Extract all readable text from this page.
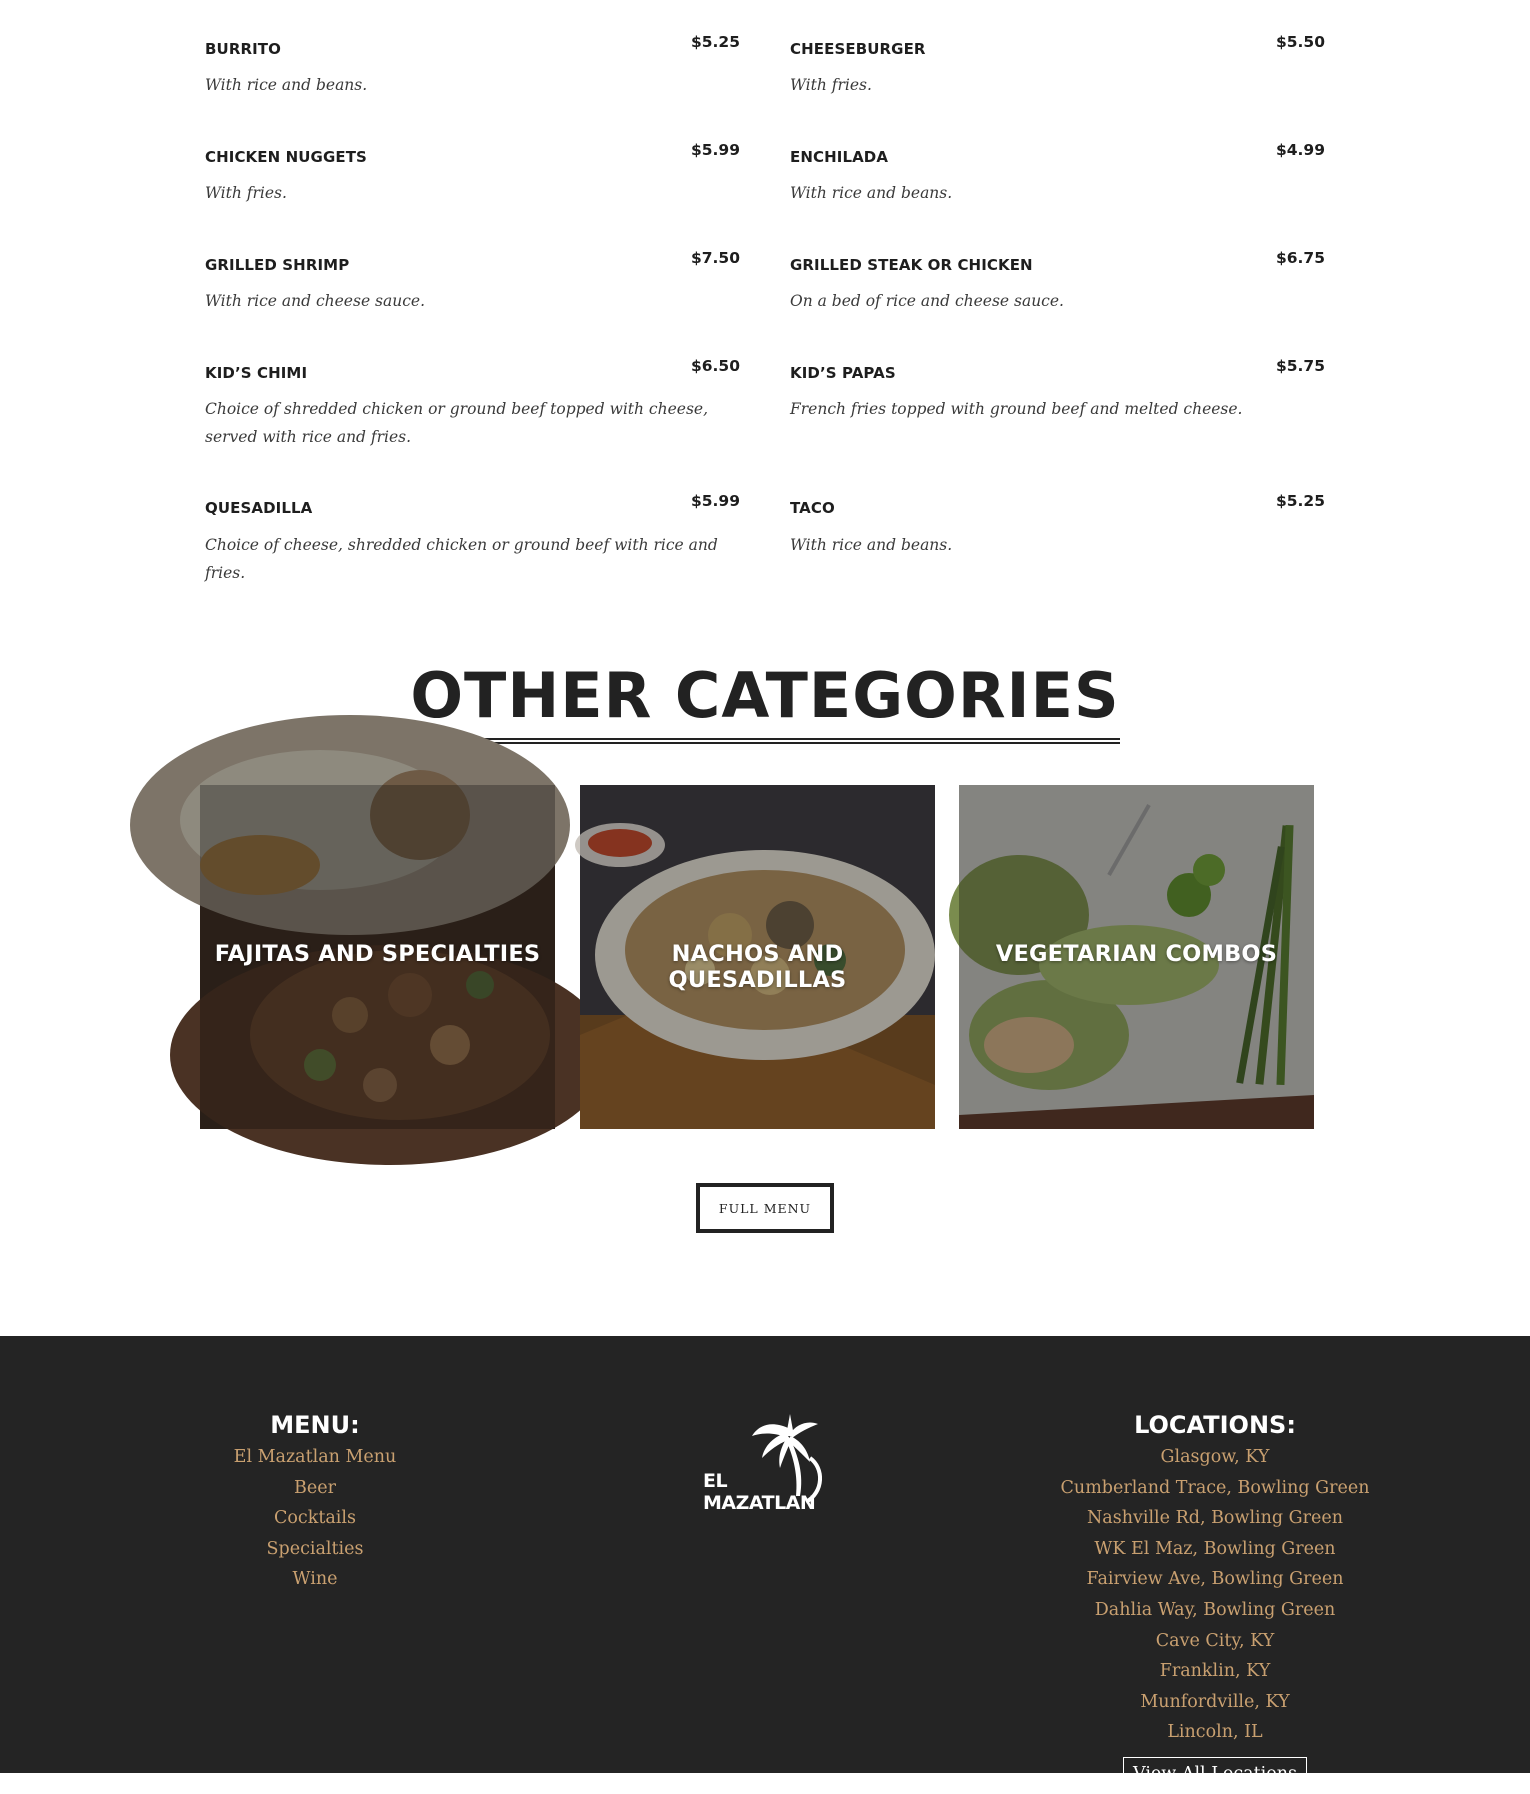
BURRITO	$5.25
With rice and beans.
CHEESEBURGER	$5.50
With fries.
CHICKEN NUGGETS	$5.99
With fries.
ENCHILADA	$4.99
With rice and beans.
GRILLED SHRIMP	$7.50
With rice and cheese sauce.
GRILLED STEAK OR CHICKEN	$6.75
On a bed of rice and cheese sauce.
KID’S CHIMI	$6.50
Choice of shredded chicken or ground beef topped with cheese, served with rice and fries.
KID’S PAPAS	$5.75
French fries topped with ground beef and melted cheese.
QUESADILLA	$5.99
Choice of cheese, shredded chicken or ground beef with rice and fries.
TACO	$5.25
With rice and beans.
OTHER CATEGORIES
FAJITAS AND SPECIALTIES	NACHOS AND QUESADILLAS
VEGETARIAN COMBOS
FULL MENU
MENU:
El Mazatlan Menu
Beer
Cocktails
Specialties
Wine
EL MAZATLAN
LOCATIONS:
Glasgow, KY
Cumberland Trace, Bowling Green
Nashville Rd, Bowling Green
WK El Maz, Bowling Green
Fairview Ave, Bowling Green
Dahlia Way, Bowling Green
Cave City, KY
Franklin, KY
Munfordville, KY
Lincoln, IL
View All Locations
